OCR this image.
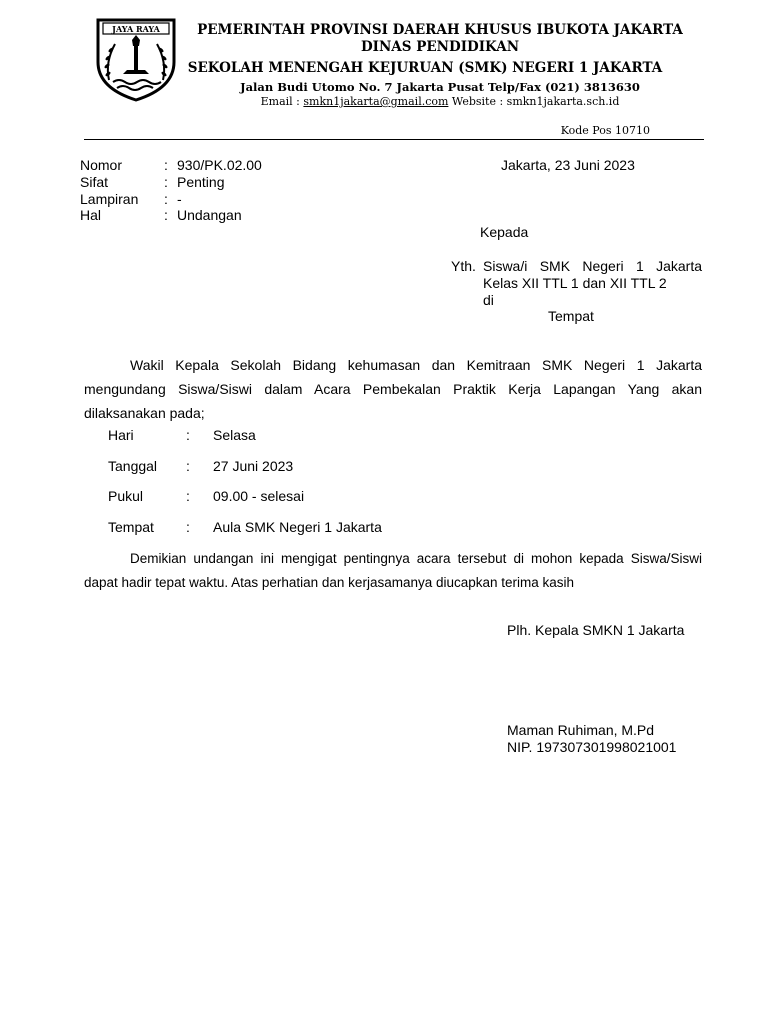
JAYA RAYA	PEMERINTAH PROVINSI DAERAH KHUSUS IBUKOTA JAKARTA
DINAS PENDIDIKAN
SEKOLAH MENENGAH KEJURUAN (SMK) NEGERI 1 JAKARTA
Jalan Budi Utomo No. 7 Jakarta Pusat Telp/Fax (021) 3813630
Email : smkn1jakarta@gmail.com Website : smkn1jakarta.sch.id
Kode Pos 10710
Nomor	: 930/PK.02.00
Sifat	: Penting
Lampiran : -
Hal	: Undangan
Jakarta, 23 Juni 2023
Kepada
Yth. Siswa/i SMK Negeri 1 Jakarta
Kelas XII TTL 1 dan XII TTL 2
di
Tempat
Wakil Kepala Sekolah Bidang kehumasan dan Kemitraan SMK Negeri 1 Jakarta mengundang Siswa/Siswi dalam Acara Pembekalan Praktik Kerja Lapangan Yang akan dilaksanakan pada;
Hari	: Selasa
Tanggal : 27 Juni 2023
Pukul	: 09.00 - selesai
Tempat : Aula SMK Negeri 1 Jakarta
Demikian undangan ini mengigat pentingnya acara tersebut di mohon kepada Siswa/Siswi dapat hadir tepat waktu. Atas perhatian dan kerjasamanya diucapkan terima kasih
Plh. Kepala SMKN 1 Jakarta
Maman Ruhiman, M.Pd
NIP. 197307301998021001
